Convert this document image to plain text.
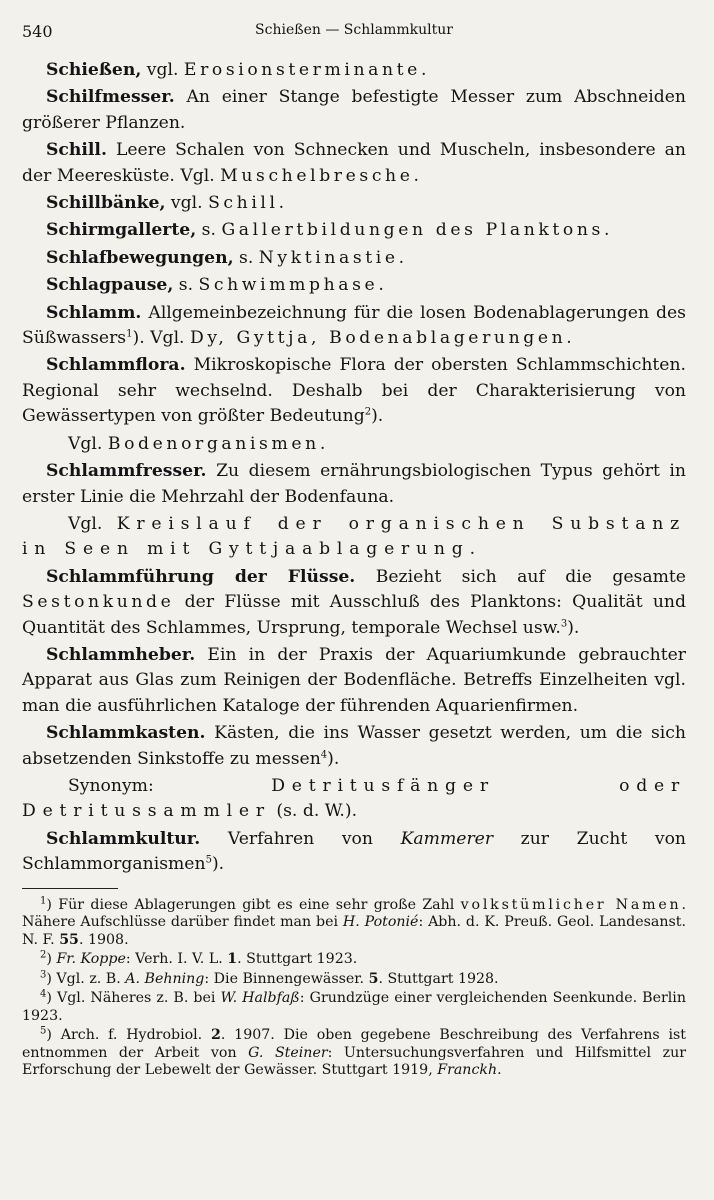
540	Schießen — Schlammkultur

Schießen, vgl. Erosionsterminante.

Schilfmesser. An einer Stange befestigte Messer zum Abschneiden größerer Pflanzen.

Schill. Leere Schalen von Schnecken und Muscheln, insbesondere an der Meeresküste. Vgl. Muschelbresche.

Schillbänke, vgl. Schill.

Schirmgallerte, s. Gallertbildungen des Planktons.

Schlafbewegungen, s. Nyktinastie.

Schlagpause, s. Schwimmphase.

Schlamm. Allgemeinbezeichnung für die losen Bodenablagerungen des Süßwassers$^1$). Vgl. Dy, Gyttja, Bodenablagerungen.

Schlammflora. Mikroskopische Flora der obersten Schlammschichten. Regional sehr wechselnd. Deshalb bei der Charakterisierung von Gewässertypen von größter Bedeutung$^2$).

Vgl. Bodenorganismen.

Schlammfresser. Zu diesem ernährungsbiologischen Typus gehört in erster Linie die Mehrzahl der Bodenfauna.

Vgl. Kreislauf der organischen Substanz in Seen mit Gyttjaablagerung.

Schlammführung der Flüsse. Bezieht sich auf die gesamte Sestonkunde der Flüsse mit Ausschluß des Planktons: Qualität und Quantität des Schlammes, Ursprung, temporale Wechsel usw.$^3$).

Schlammheber. Ein in der Praxis der Aquariumkunde gebrauchter Apparat aus Glas zum Reinigen der Bodenfläche. Betreffs Einzelheiten vgl. man die ausführlichen Kataloge der führenden Aquarienfirmen.

Schlammkasten. Kästen, die ins Wasser gesetzt werden, um die sich absetzenden Sinkstoffe zu messen$^4$).

Synonym: Detritusfänger oder Detritussammler (s. d. W.).

Schlammkultur. Verfahren von Kammerer zur Zucht von Schlammorganismen$^5$).

$^1$) Für diese Ablagerungen gibt es eine sehr große Zahl volkstümlicher Namen. Nähere Aufschlüsse darüber findet man bei H. Potonié: Abh. d. K. Preuß. Geol. Landesanst. N. F. 55. 1908.

$^2$) Fr. Koppe: Verh. I. V. L. 1. Stuttgart 1923.

$^3$) Vgl. z. B. A. Behning: Die Binnengewässer. 5. Stuttgart 1928.

$^4$) Vgl. Näheres z. B. bei W. Halbfaß: Grundzüge einer vergleichenden Seenkunde. Berlin 1923.

$^5$) Arch. f. Hydrobiol. 2. 1907. Die oben gegebene Beschreibung des Verfahrens ist entnommen der Arbeit von G. Steiner: Untersuchungsverfahren und Hilfsmittel zur Erforschung der Lebewelt der Gewässer. Stuttgart 1919, Franckh.
